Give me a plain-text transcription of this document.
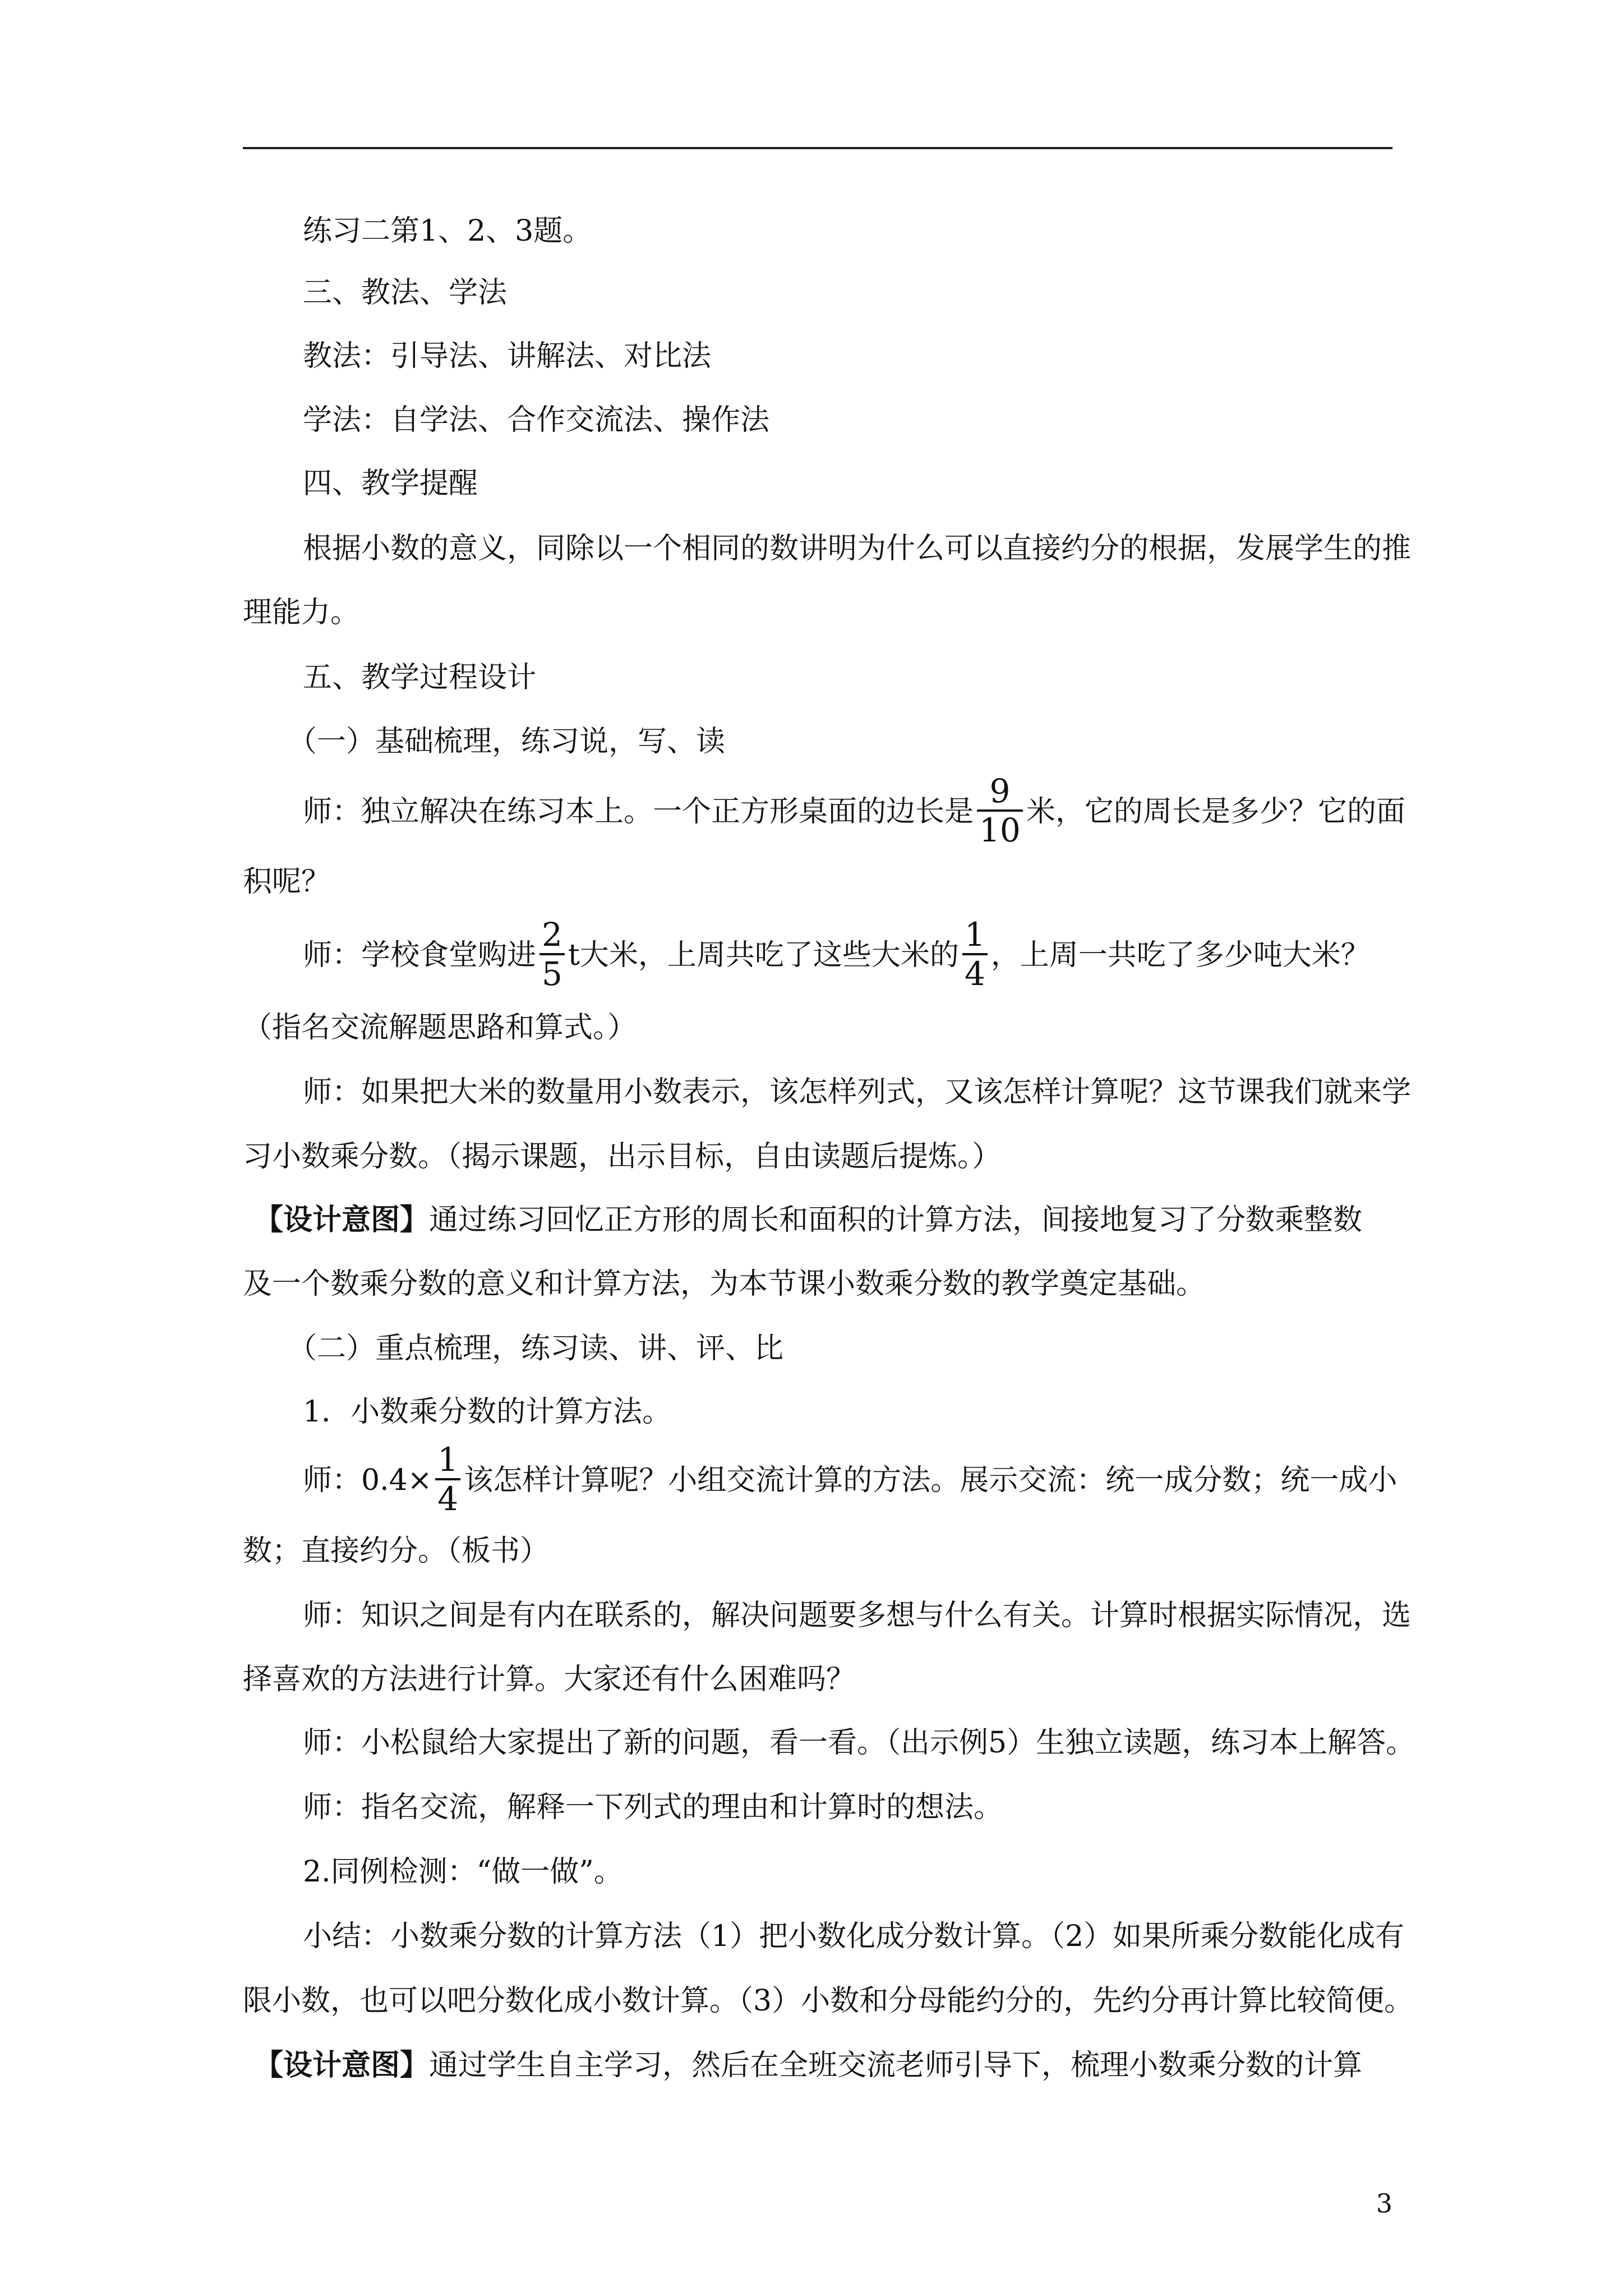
练习二第1、2、3题。
三、教法、学法
教法：引导法、讲解法、对比法
学法：自学法、合作交流法、操作法
四、教学提醒
根据小数的意义，同除以一个相同的数讲明为什么可以直接约分的根据，发展学生的推
理能力。
五、教学过程设计
（一）基础梳理，练习说，写、读
师：独立解决在练习本上。一个正方形桌面的边长是 $\frac{9}{10}$ 米，它的周长是多少？它的面
积呢？
师：学校食堂购进 $\frac{2}{5}$ t大米，上周共吃了这些大米的 $\frac{1}{4}$ ，上周一共吃了多少吨大米？
（指名交流解题思路和算式。）
师：如果把大米的数量用小数表示，该怎样列式，又该怎样计算呢？这节课我们就来学
习小数乘分数。（揭示课题，出示目标，自由读题后提炼。）
【设计意图】通过练习回忆正方形的周长和面积的计算方法，间接地复习了分数乘整数
及一个数乘分数的意义和计算方法，为本节课小数乘分数的教学奠定基础。
（二）重点梳理，练习读、讲、评、比
1．小数乘分数的计算方法。
师：$0.4\times \frac{1}{4}$ 该怎样计算呢？小组交流计算的方法。展示交流：统一成分数；统一成小
数；直接约分。（板书）
师：知识之间是有内在联系的，解决问题要多想与什么有关。计算时根据实际情况，选
择喜欢的方法进行计算。大家还有什么困难吗？
师：小松鼠给大家提出了新的问题，看一看。（出示例5）生独立读题，练习本上解答。
师：指名交流，解释一下列式的理由和计算时的想法。
2.同例检测：“做一做”。
小结：小数乘分数的计算方法（1）把小数化成分数计算。（2）如果所乘分数能化成有
限小数，也可以吧分数化成小数计算。（3）小数和分母能约分的，先约分再计算比较简便。
【设计意图】通过学生自主学习，然后在全班交流老师引导下，梳理小数乘分数的计算
3
